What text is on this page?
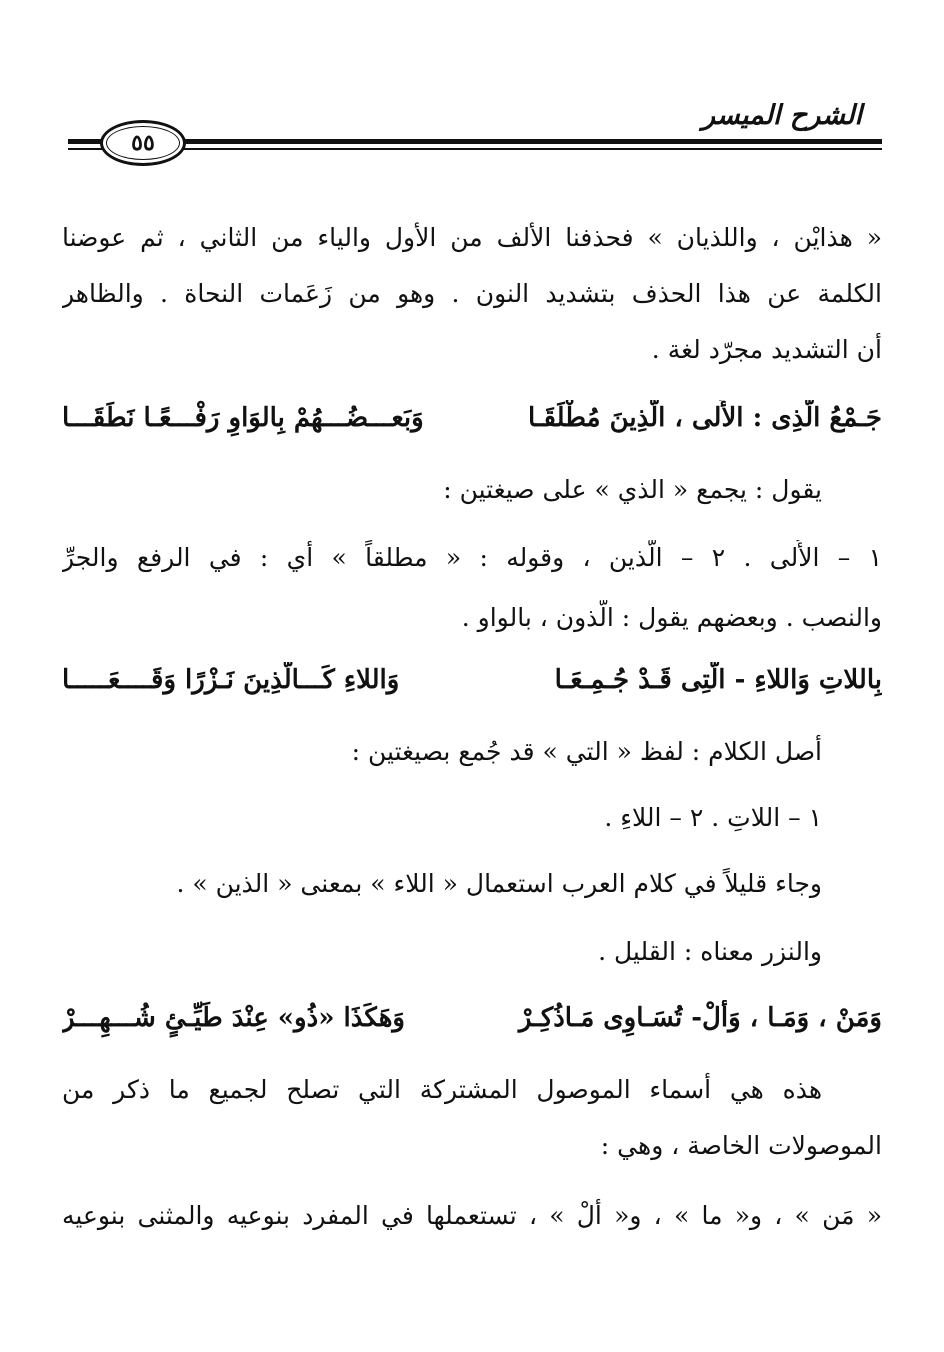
الشرح الميسر
٥٥
« هذايْن ، واللذيان » فحذفنا الألف من الأول والياء من الثاني ، ثم عوضنا
الكلمة عن هذا الحذف بتشديد النون . وهو من زَعَمات النحاة . والظاهر
أن التشديد مجرّد لغة .
جَـمْعُ الّذِى : الأُلى ، الّذِينَ مُطْلَقَـا
وَبَعـــضُـــهُمْ بِالوَاوِ رَفْـــعًـا نَطَقَـــا
يقول : يجمع « الذي » على صيغتين :
١ – الأُلى . ٢ – الّذين ، وقوله : « مطلقاً » أي : في الرفع والجرِّ
والنصب . وبعضهم يقول : الّذون ، بالواو .
بِاللاتِ وَاللاءِ - الّتِى قَـدْ جُـمِـعَـا
وَاللاءِ كَـــالّذِينَ نَـزْرًا وَقَــــعَـــــا
أصل الكلام : لفظ « التي » قد جُمع بصيغتين :
١ – اللاتِ . ٢ – اللاءِ .
وجاء قليلاً في كلام العرب استعمال « اللاء » بمعنى « الذين » .
والنزر معناه : القليل .
وَمَنْ ، وَمَـا ، وَألْ- تُسَـاوِى مَـاذُكِـرْ
وَهَكَذَا «ذُو» عِنْدَ طَيِّـئٍ شُـــهِـــرْ
هذه هي أسماء الموصول المشتركة التي تصلح لجميع ما ذكر من
الموصولات الخاصة ، وهي :
« مَن » ، و« ما » ، و« ألْ » ، تستعملها في المفرد بنوعيه والمثنى بنوعيه
